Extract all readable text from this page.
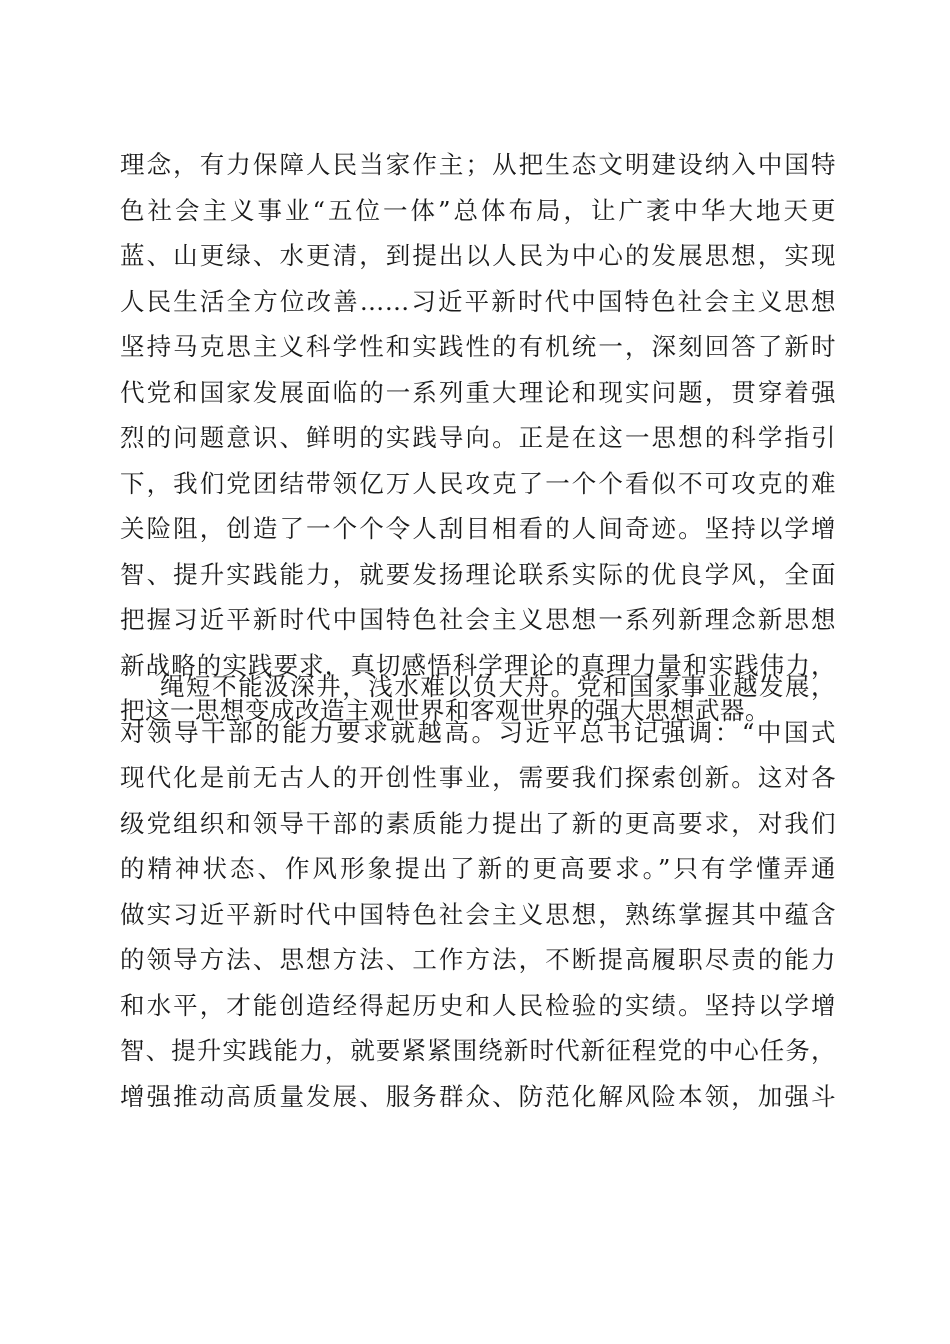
理念，有力保障人民当家作主；从把生态文明建设纳入中国特
色社会主义事业“五位一体”总体布局，让广袤中华大地天更
蓝、山更绿、水更清，到提出以人民为中心的发展思想，实现
人民生活全方位改善……习近平新时代中国特色社会主义思想
坚持马克思主义科学性和实践性的有机统一，深刻回答了新时
代党和国家发展面临的一系列重大理论和现实问题，贯穿着强
烈的问题意识、鲜明的实践导向。正是在这一思想的科学指引
下，我们党团结带领亿万人民攻克了一个个看似不可攻克的难
关险阻，创造了一个个令人刮目相看的人间奇迹。坚持以学增
智、提升实践能力，就要发扬理论联系实际的优良学风，全面
把握习近平新时代中国特色社会主义思想一系列新理念新思想
新战略的实践要求，真切感悟科学理论的真理力量和实践伟力，
把这一思想变成改造主观世界和客观世界的强大思想武器。
绳短不能汲深井，浅水难以负大舟。党和国家事业越发展，
对领导干部的能力要求就越高。习近平总书记强调：“中国式
现代化是前无古人的开创性事业，需要我们探索创新。这对各
级党组织和领导干部的素质能力提出了新的更高要求，对我们
的精神状态、作风形象提出了新的更高要求。”只有学懂弄通
做实习近平新时代中国特色社会主义思想，熟练掌握其中蕴含
的领导方法、思想方法、工作方法，不断提高履职尽责的能力
和水平，才能创造经得起历史和人民检验的实绩。坚持以学增
智、提升实践能力，就要紧紧围绕新时代新征程党的中心任务，
增强推动高质量发展、服务群众、防范化解风险本领，加强斗
